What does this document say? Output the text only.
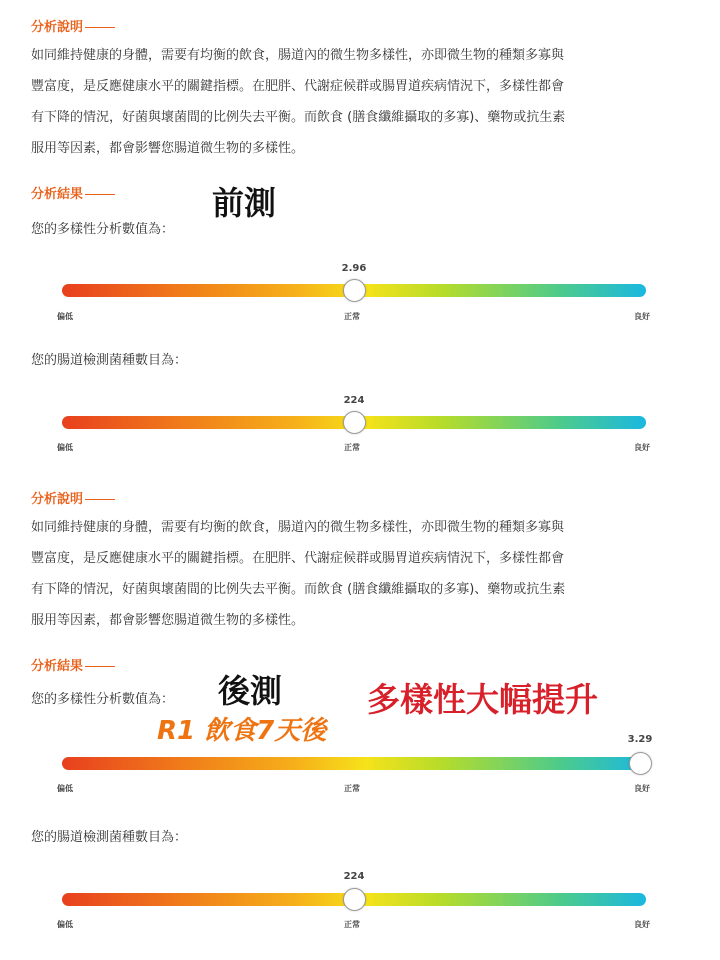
分析說明
如同維持健康的身體，需要有均衡的飲食，腸道內的微生物多樣性，亦即微生物的種類多寡與
豐富度，是反應健康水平的關鍵指標。在肥胖、代謝症候群或腸胃道疾病情況下，多樣性都會
有下降的情況，好菌與壞菌間的比例失去平衡。而飲食 (膳食纖維攝取的多寡)、藥物或抗生素
服用等因素，都會影響您腸道微生物的多樣性。
分析結果	前測
您的多樣性分析數值為：
2.96
偏低	正常	良好
您的腸道檢測菌種數目為：
224
偏低	正常	良好
分析說明
如同維持健康的身體，需要有均衡的飲食，腸道內的微生物多樣性，亦即微生物的種類多寡與
豐富度，是反應健康水平的關鍵指標。在肥胖、代謝症候群或腸胃道疾病情況下，多樣性都會
有下降的情況，好菌與壞菌間的比例失去平衡。而飲食 (膳食纖維攝取的多寡)、藥物或抗生素
服用等因素，都會影響您腸道微生物的多樣性。
分析結果
您的多樣性分析數值為： 後測	多樣性大幅提升
R1 飲食7天後	3.29
偏低	正常	良好
您的腸道檢測菌種數目為：
224
偏低	正常	良好
